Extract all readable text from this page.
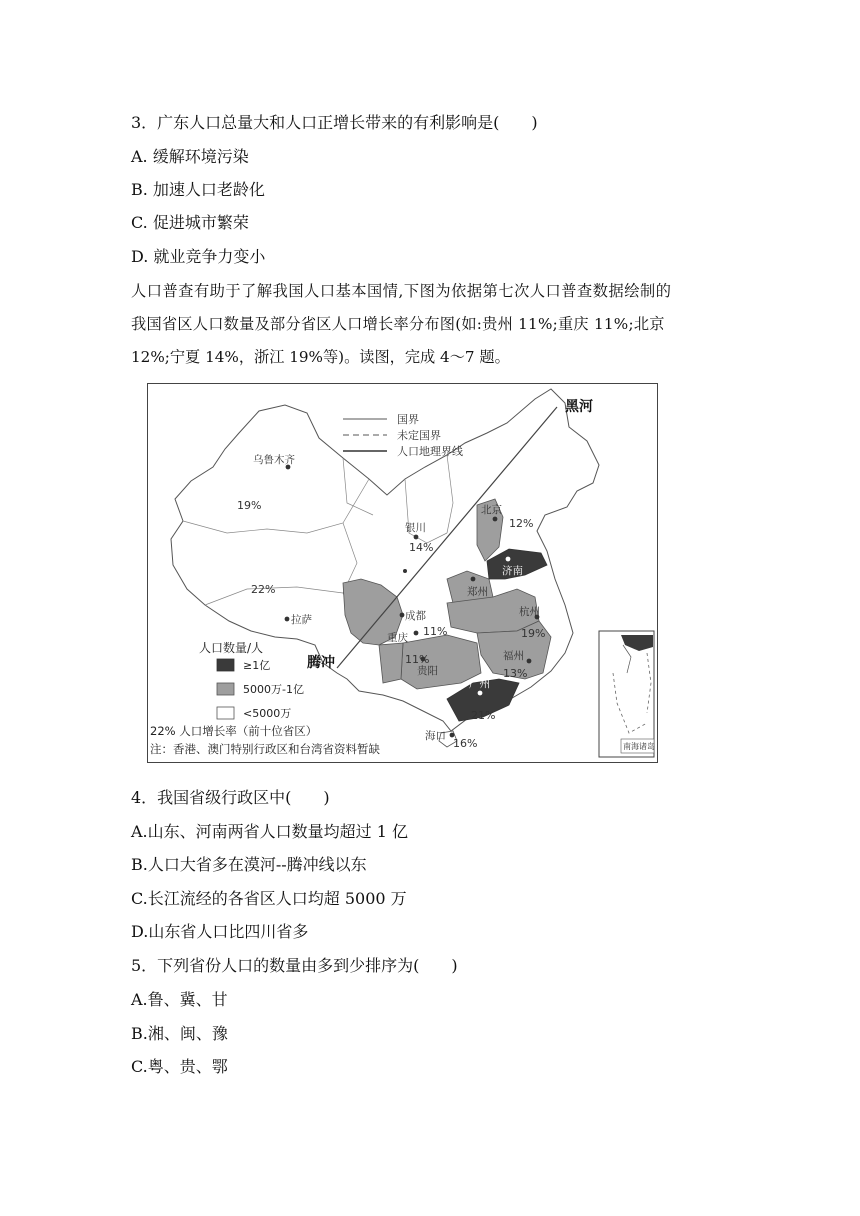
3．广东人口总量大和人口正增长带来的有利影响是(　　)
A. 缓解环境污染
B. 加速人口老龄化
C. 促进城市繁荣
D. 就业竞争力变小
人口普查有助于了解我国人口基本国情,下图为依据第七次人口普查数据绘制的
我国省区人口数量及部分省区人口增长率分布图(如:贵州 11%;重庆 11%;北京
12%;宁夏 14%，浙江 19%等)。读图，完成 4～7 题。
国界
未定国界
人口地理界线
黑河
腾冲
乌鲁木齐
银川
北京
济南
郑州
成都
拉萨
重庆
贵阳
杭州
福州
广州
海口
19%
22%
14%
12%
11%
11%
19%
13%
21%
16%
人口数量/人
≥1亿
5000万-1亿
<5000万
22% 人口增长率（前十位省区）
注：香港、澳门特别行政区和台湾省资料暂缺	南海诸岛
4．我国省级行政区中(　　)
A.山东、河南两省人口数量均超过 1 亿
B.人口大省多在漠河--腾冲线以东
C.长江流经的各省区人口均超 5000 万
D.山东省人口比四川省多
5．下列省份人口的数量由多到少排序为(　　)
A.鲁、冀、甘
B.湘、闽、豫
C.粤、贵、鄂
